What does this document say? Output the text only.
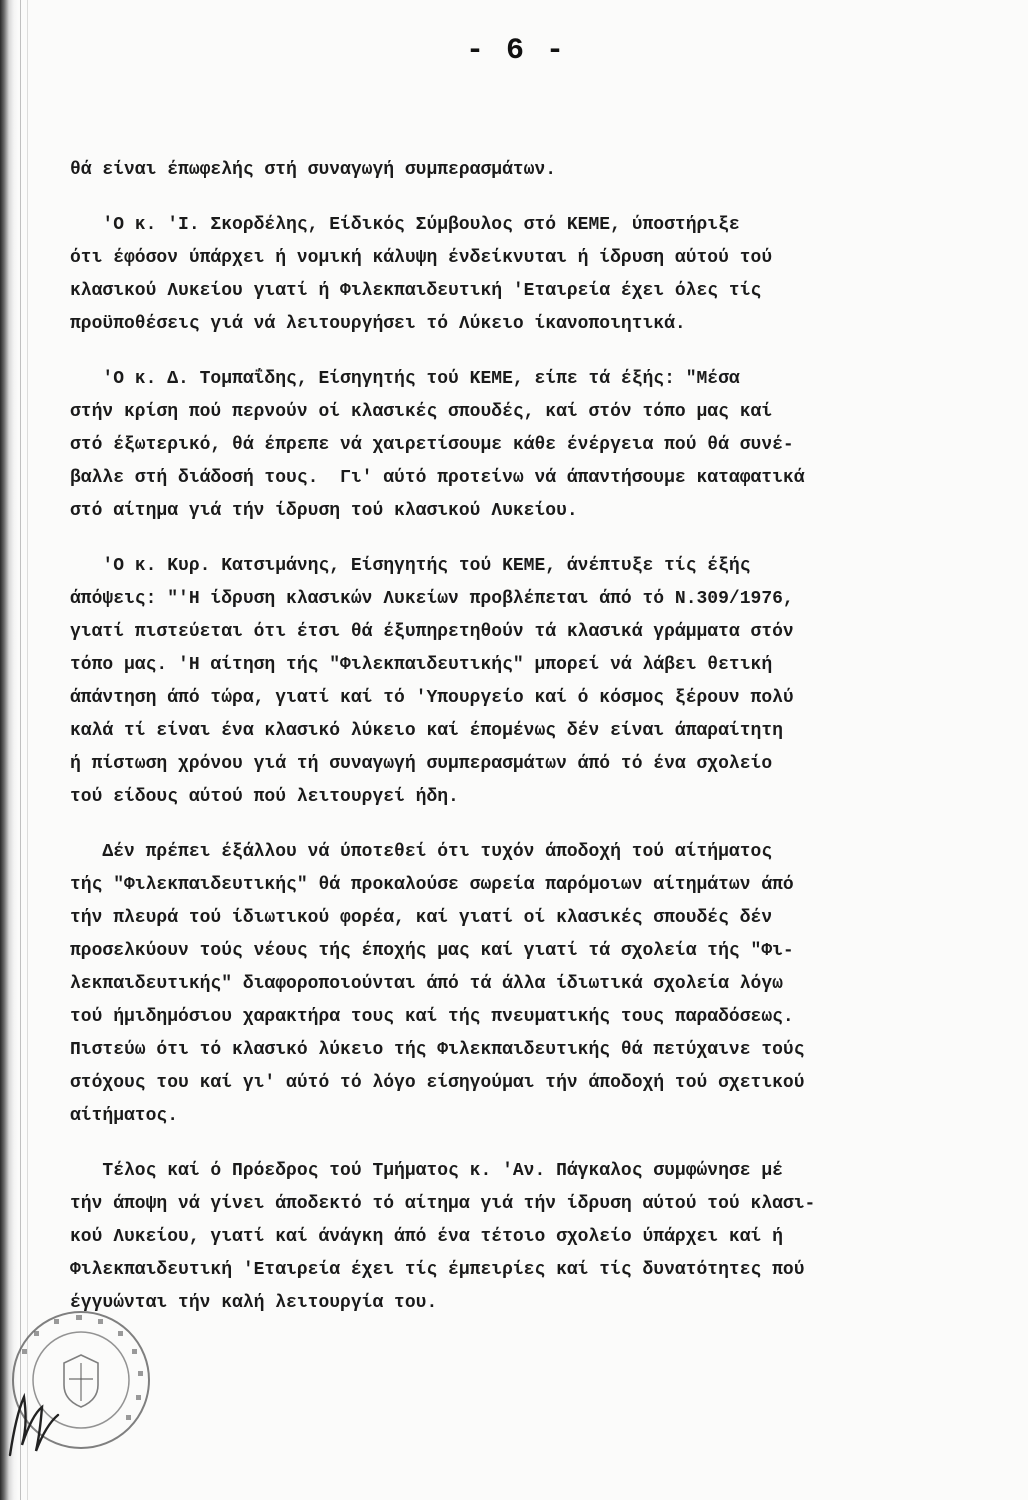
- 6 -
θά είναι έπωφελής στή συναγωγή συμπερασμάτων.
'Ο κ. 'Ι. Σκορδέλης, Είδικός Σύμβουλος στό ΚΕΜΕ, ύποστήριξε
ότι έφόσον ύπάρχει ή νομική κάλυψη ένδείκνυται ή ίδρυση αύτού τού
κλασικού Λυκείου γιατί ή Φιλεκπαιδευτική 'Εταιρεία έχει όλες τίς
προϋποθέσεις γιά νά λειτουργήσει τό Λύκειο ίκανοποιητικά.
'Ο κ. Δ. Τομπαΐδης, Είσηγητής τού ΚΕΜΕ, είπε τά έξής: "Μέσα
στήν κρίση πού περνούν οί κλασικές σπουδές, καί στόν τόπο μας καί
στό έξωτερικό, θά έπρεπε νά χαιρετίσουμε κάθε ένέργεια πού θά συνέ-
βαλλε στή διάδοσή τους.  Γι' αύτό προτείνω νά άπαντήσουμε καταφατικά
στό αίτημα γιά τήν ίδρυση τού κλασικού Λυκείου.
'Ο κ. Κυρ. Κατσιμάνης, Είσηγητής τού ΚΕΜΕ, άνέπτυξε τίς έξής
άπόψεις: "'Η ίδρυση κλασικών Λυκείων προβλέπεται άπό τό Ν.309/1976,
γιατί πιστεύεται ότι έτσι θά έξυπηρετηθούν τά κλασικά γράμματα στόν
τόπο μας. 'Η αίτηση τής "Φιλεκπαιδευτικής" μπορεί νά λάβει θετική
άπάντηση άπό τώρα, γιατί καί τό 'Υπουργείο καί ό κόσμος ξέρουν πολύ
καλά τί είναι ένα κλασικό λύκειο καί έπομένως δέν είναι άπαραίτητη
ή πίστωση χρόνου γιά τή συναγωγή συμπερασμάτων άπό τό ένα σχολείο
τού είδους αύτού πού λειτουργεί ήδη.
Δέν πρέπει έξάλλου νά ύποτεθεί ότι τυχόν άποδοχή τού αίτήματος
τής "Φιλεκπαιδευτικής" θά προκαλούσε σωρεία παρόμοιων αίτημάτων άπό
τήν πλευρά τού ίδιωτικού φορέα, καί γιατί οί κλασικές σπουδές δέν
προσελκύουν τούς νέους τής έποχής μας καί γιατί τά σχολεία τής "Φι-
λεκπαιδευτικής" διαφοροποιούνται άπό τά άλλα ίδιωτικά σχολεία λόγω
τού ήμιδημόσιου χαρακτήρα τους καί τής πνευματικής τους παραδόσεως.
Πιστεύω ότι τό κλασικό λύκειο τής Φιλεκπαιδευτικής θά πετύχαινε τούς
στόχους του καί γι' αύτό τό λόγο είσηγούμαι τήν άποδοχή τού σχετικού
αίτήματος.
Τέλος καί ό Πρόεδρος τού Τμήματος κ. 'Αν. Πάγκαλος συμφώνησε μέ
τήν άποψη νά γίνει άποδεκτό τό αίτημα γιά τήν ίδρυση αύτού τού κλασι-
κού Λυκείου, γιατί καί άνάγκη άπό ένα τέτοιο σχολείο ύπάρχει καί ή
Φιλεκπαιδευτική 'Εταιρεία έχει τίς έμπειρίες καί τίς δυνατότητες πού
έγγυώνται τήν καλή λειτουργία του.
